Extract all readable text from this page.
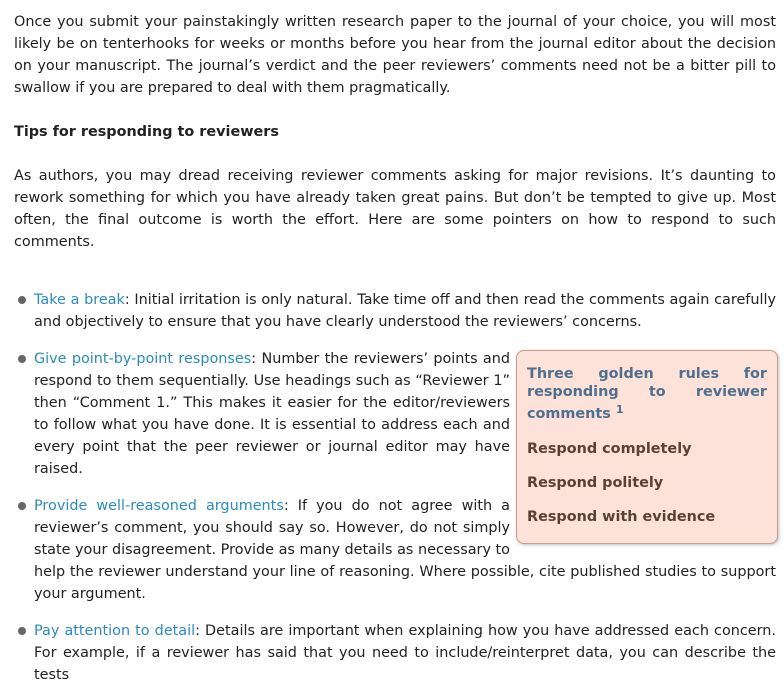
Once you submit your painstakingly written research paper to the journal of your choice, you will most likely be on tenterhooks for weeks or months before you hear from the journal editor about the decision on your manuscript. The journal’s verdict and the peer reviewers’ comments need not be a bitter pill to swallow if you are prepared to deal with them pragmatically.

Tips for responding to reviewers

As authors, you may dread receiving reviewer comments asking for major revisions. It’s daunting to rework something for which you have already taken great pains. But don’t be tempted to give up. Most often, the final outcome is worth the effort. Here are some pointers on how to respond to such comments.

Take a break: Initial irritation is only natural. Take time off and then read the comments again carefully and objectively to ensure that you have clearly understood the reviewers’ concerns.
Three golden rules for responding to reviewer comments $^1$
Respond completely
Respond politely
Respond with evidence
Give point-by-point responses: Number the reviewers’ points and respond to them sequentially. Use headings such as “Reviewer 1” then “Comment 1.” This makes it easier for the editor/reviewers to follow what you have done. It is essential to address each and every point that the peer reviewer or journal editor may have raised.
Provide well-reasoned arguments: If you do not agree with a reviewer’s comment, you should say so. However, do not simply state your disagreement. Provide as many details as necessary to help the reviewer understand your line of reasoning. Where possible, cite published studies to support your argument.
Pay attention to detail: Details are important when explaining how you have addressed each concern. For example, if a reviewer has said that you need to include/reinterpret data, you can describe the tests
